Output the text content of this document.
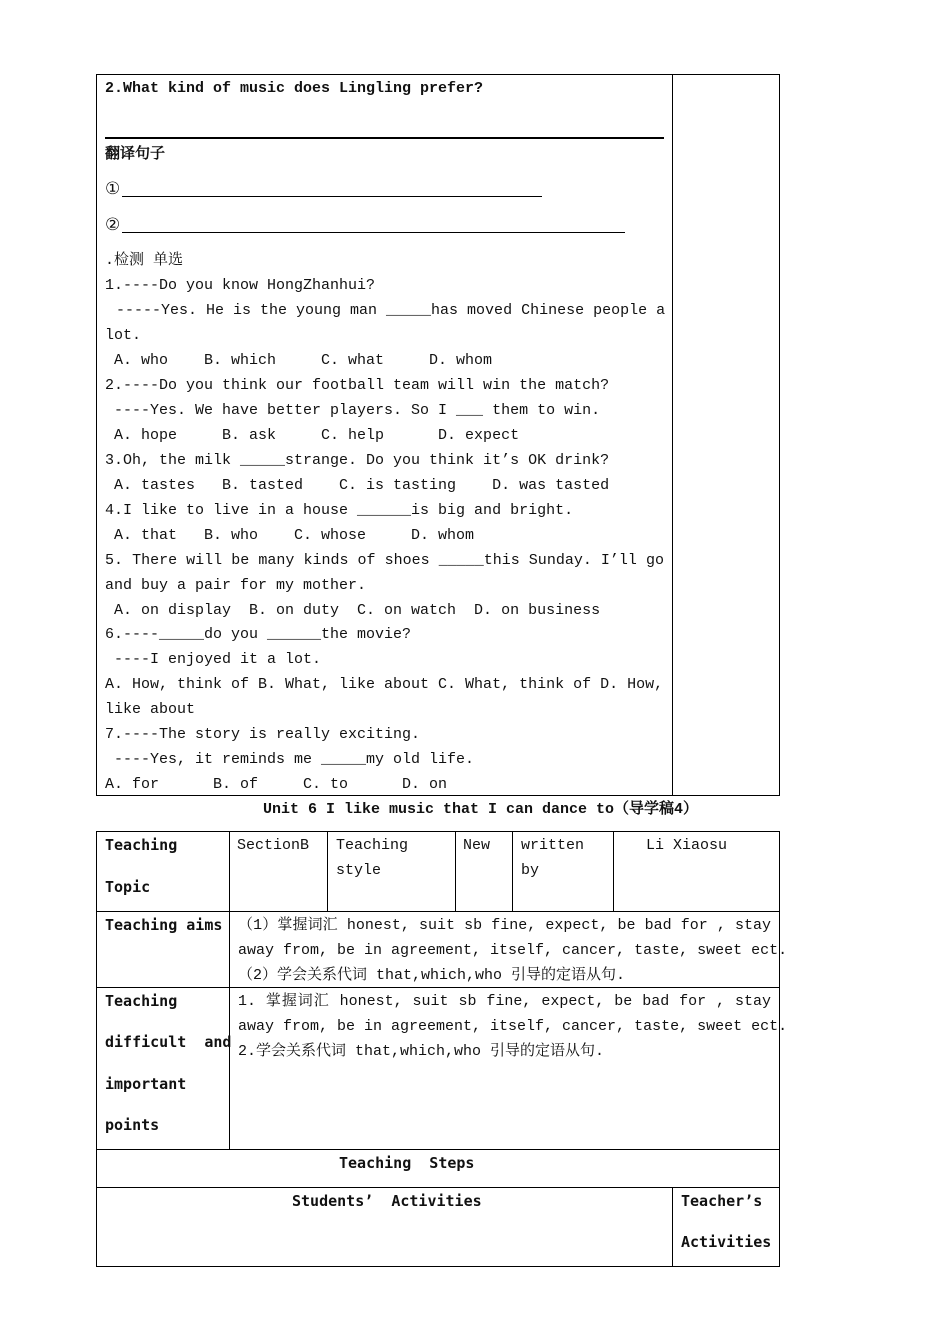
2.What kind of music does Lingling prefer?
翻译句子
①
②
.检测 单选
1.----Do you know HongZhanhui?
-----Yes. He is the young man _____has moved Chinese people a
lot.
A. who    B. which     C. what     D. whom
2.----Do you think our football team will win the match?
----Yes. We have better players. So I ___ them to win.
A. hope     B. ask     C. help      D. expect
3.Oh, the milk _____strange. Do you think it’s OK drink?
A. tastes   B. tasted    C. is tasting    D. was tasted
4.I like to live in a house ______is big and bright.
A. that   B. who    C. whose     D. whom
5. There will be many kinds of shoes _____this Sunday. I’ll go
and buy a pair for my mother.
A. on display  B. on duty  C. on watch  D. on business
6.----_____do you ______the movie?
----I enjoyed it a lot.
A. How, think of B. What, like about C. What, think of D. How,
like about
7.----The story is really exciting.
----Yes, it reminds me _____my old life.
A. for      B. of     C. to      D. on
Unit 6 I like music that I can dance to（导学稿4）
Teaching
Topic
SectionB Teaching
style
New written
by
Li Xiaosu
Teaching aims （1）掌握词汇 honest, suit sb fine, expect, be bad for , stay
away from, be in agreement, itself, cancer, taste, sweet ect.
（2）学会关系代词 that,which,who 引导的定语从句.
Teaching
difficult  and
important
points
1. 掌握词汇 honest, suit sb fine, expect, be bad for , stay
away from, be in agreement, itself, cancer, taste, sweet ect.
2.学会关系代词 that,which,who 引导的定语从句.
Teaching  Steps
Students’  Activities	Teacher’s
Activities
